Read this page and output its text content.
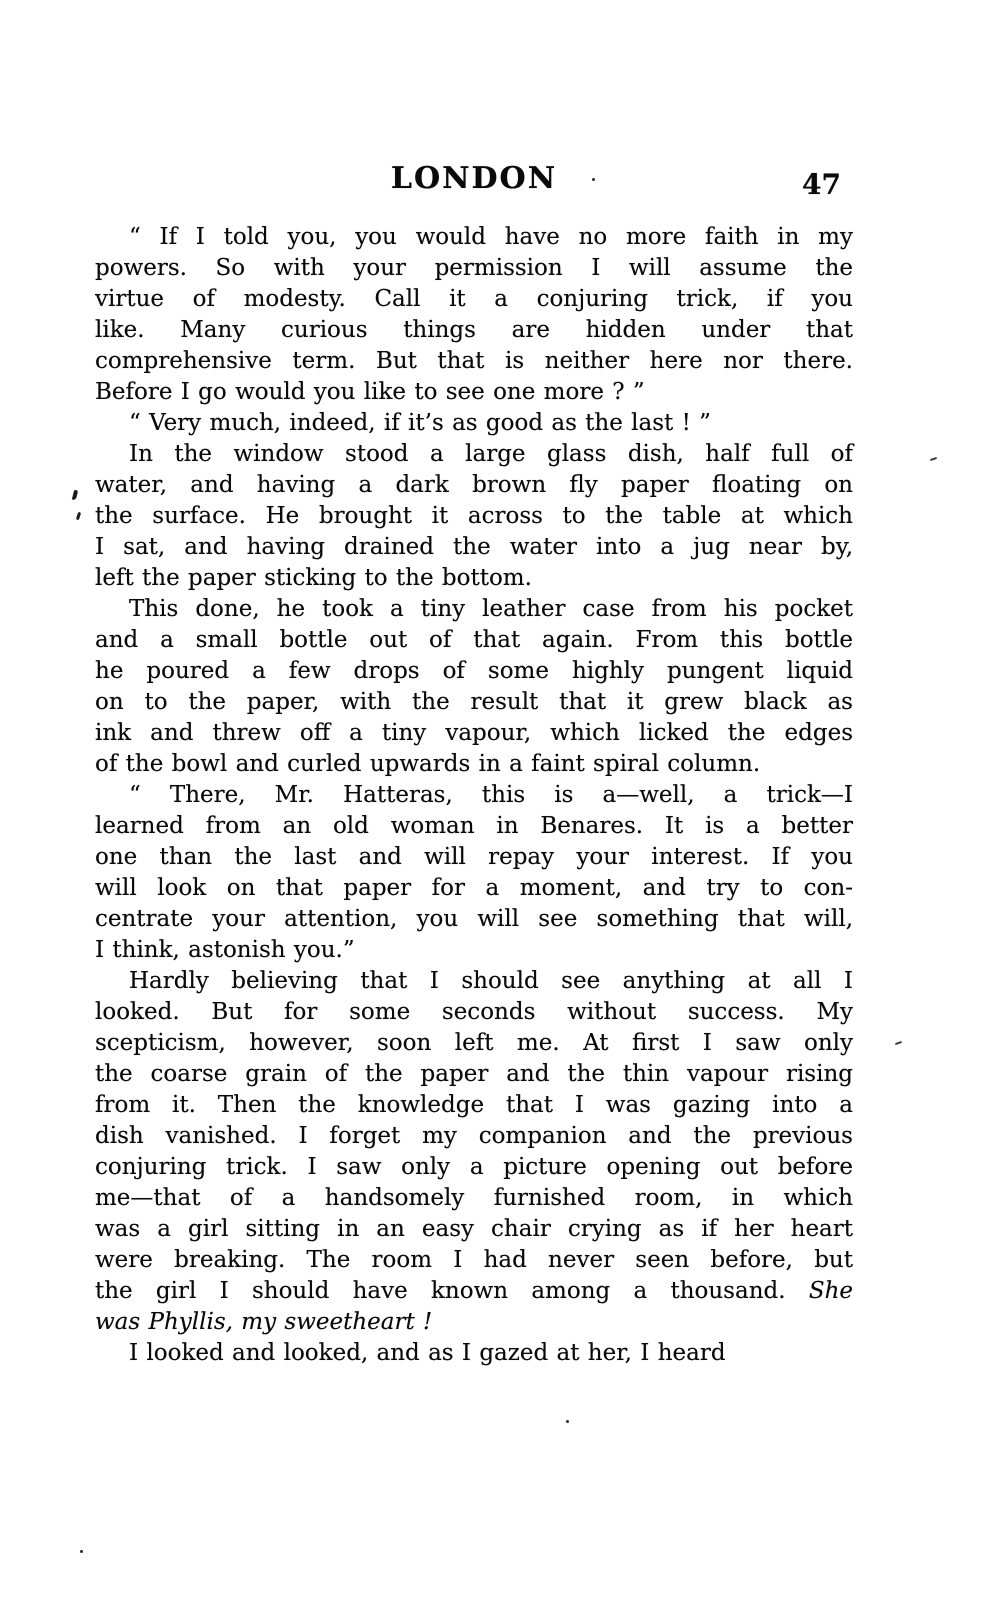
LONDON	47
“ If I told you, you would have no more faith in my
powers. So with your permission I will assume the
virtue of modesty. Call it a conjuring trick, if you
like. Many curious things are hidden under that
comprehensive term. But that is neither here nor there.
Before I go would you like to see one more ? ”
“ Very much, indeed, if it’s as good as the last ! ”
In the window stood a large glass dish, half full of
water, and having a dark brown fly paper floating on
the surface. He brought it across to the table at which
I sat, and having drained the water into a jug near by,
left the paper sticking to the bottom.
This done, he took a tiny leather case from his pocket
and a small bottle out of that again. From this bottle
he poured a few drops of some highly pungent liquid
on to the paper, with the result that it grew black as
ink and threw off a tiny vapour, which licked the edges
of the bowl and curled upwards in a faint spiral column.
“ There, Mr. Hatteras, this is a—well, a trick—I
learned from an old woman in Benares. It is a better
one than the last and will repay your interest. If you
will look on that paper for a moment, and try to con-
centrate your attention, you will see something that will,
I think, astonish you.”
Hardly believing that I should see anything at all I
looked. But for some seconds without success. My
scepticism, however, soon left me. At first I saw only
the coarse grain of the paper and the thin vapour rising
from it. Then the knowledge that I was gazing into a
dish vanished. I forget my companion and the previous
conjuring trick. I saw only a picture opening out before
me—that of a handsomely furnished room, in which
was a girl sitting in an easy chair crying as if her heart
were breaking. The room I had never seen before, but
the girl I should have known among a thousand. She
was Phyllis, my sweetheart !
I looked and looked, and as I gazed at her, I heard
